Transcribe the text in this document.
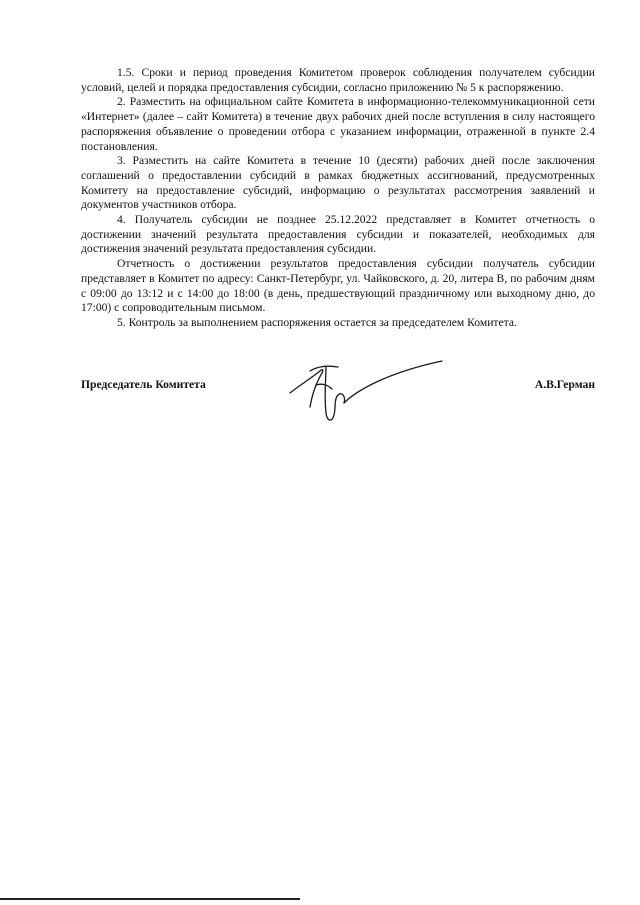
1.5. Сроки и период проведения Комитетом проверок соблюдения получателем субсидии условий, целей и порядка предоставления субсидии, согласно приложению № 5 к распоряжению.

2. Разместить на официальном сайте Комитета в информационно-телекоммуникационной сети «Интернет» (далее – сайт Комитета) в течение двух рабочих дней после вступления в силу настоящего распоряжения объявление о проведении отбора с указанием информации, отраженной в пункте 2.4 постановления.

3. Разместить на сайте Комитета в течение 10 (десяти) рабочих дней после заключения соглашений о предоставлении субсидий в рамках бюджетных ассигнований, предусмотренных Комитету на предоставление субсидий, информацию о результатах рассмотрения заявлений и документов участников отбора.

4. Получатель субсидии не позднее 25.12.2022 представляет в Комитет отчетность о достижении значений результата предоставления субсидии и показателей, необходимых для достижения значений результата предоставления субсидии.

Отчетность о достижении результатов предоставления субсидии получатель субсидии представляет в Комитет по адресу: Санкт-Петербург, ул. Чайковского, д. 20, литера В, по рабочим дням с 09:00 до 13:12 и с 14:00 до 18:00 (в день, предшествующий праздничному или выходному дню, до 17:00) с сопроводительным письмом.

5. Контроль за выполнением распоряжения остается за председателем Комитета.

Председатель Комитета	А.В.Герман
